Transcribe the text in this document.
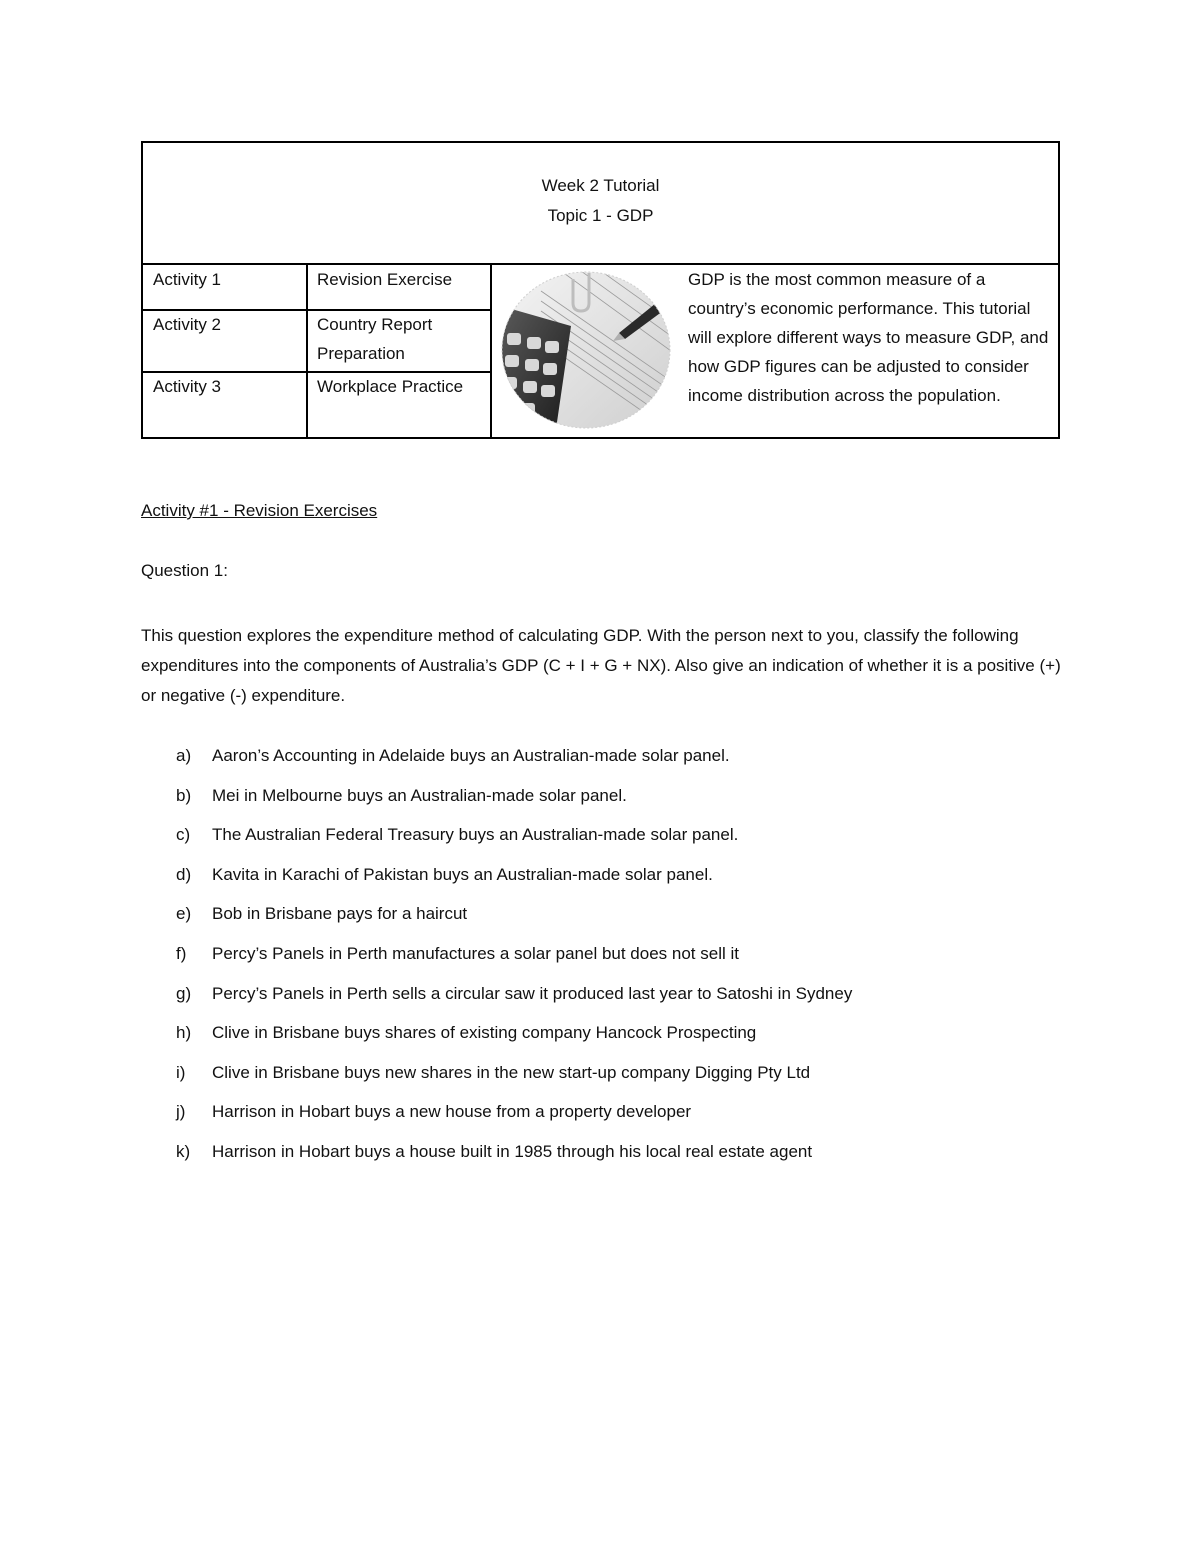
Week 2 Tutorial
Topic 1 - GDP
Activity 1	Revision Exercise
Activity 2	Country Report Preparation
Activity 3	Workplace Practice
GDP is the most common measure of a country’s economic performance. This tutorial will explore different ways to measure GDP, and how GDP figures can be adjusted to consider income distribution across the population.
Activity #1 - Revision Exercises
Question 1:
This question explores the expenditure method of calculating GDP. With the person next to you, classify the following expenditures into the components of Australia’s GDP (C + I + G + NX). Also give an indication of whether it is a positive (+) or negative (-) expenditure.
a) Aaron’s Accounting in Adelaide buys an Australian-made solar panel.
b) Mei in Melbourne buys an Australian-made solar panel.
c) The Australian Federal Treasury buys an Australian-made solar panel.
d) Kavita in Karachi of Pakistan buys an Australian-made solar panel.
e) Bob in Brisbane pays for a haircut
f) Percy’s Panels in Perth manufactures a solar panel but does not sell it
g) Percy’s Panels in Perth sells a circular saw it produced last year to Satoshi in Sydney
h) Clive in Brisbane buys shares of existing company Hancock Prospecting
i) Clive in Brisbane buys new shares in the new start-up company Digging Pty Ltd
j) Harrison in Hobart buys a new house from a property developer
k) Harrison in Hobart buys a house built in 1985 through his local real estate agent
